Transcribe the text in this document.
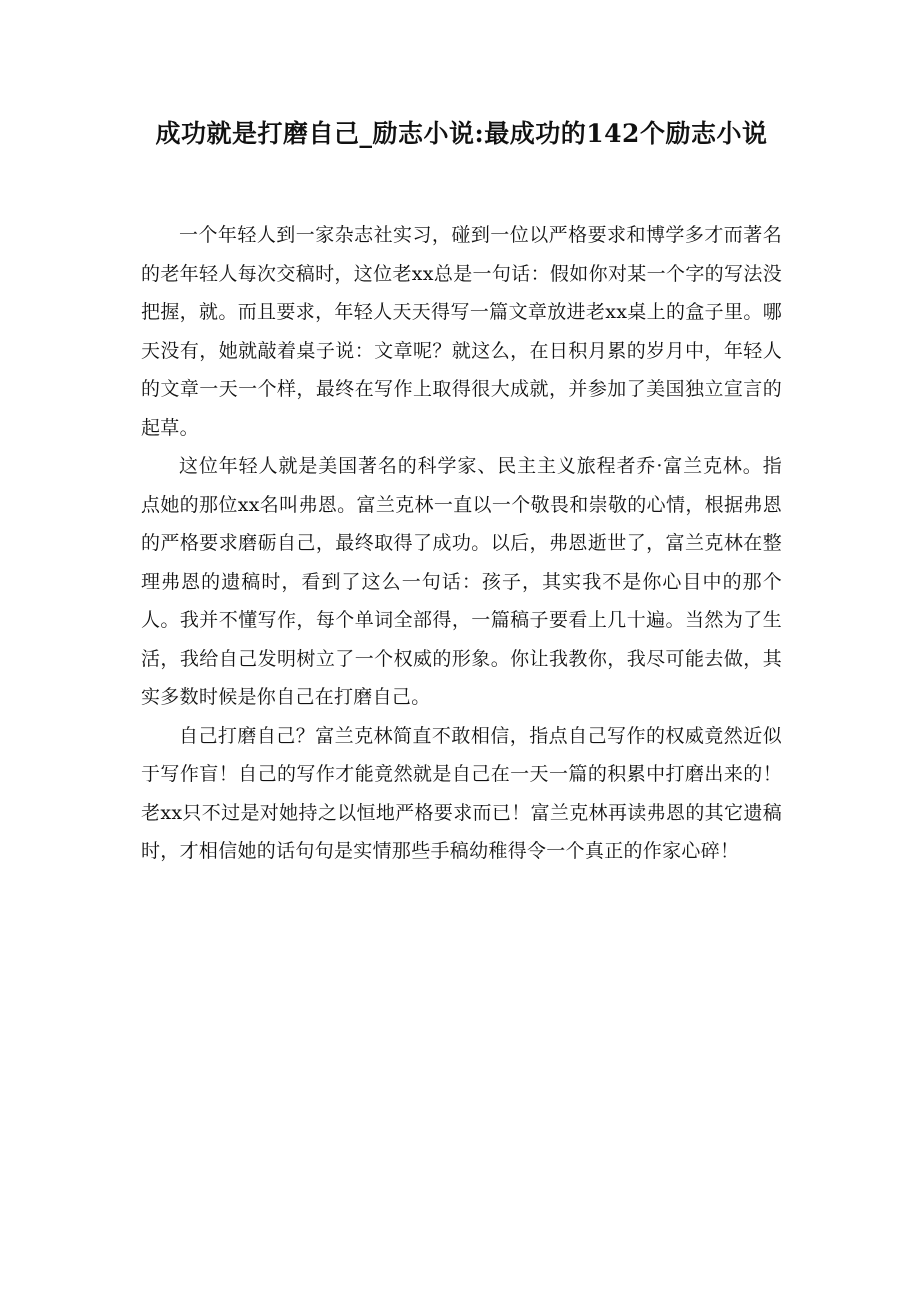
成功就是打磨自己_励志小说:最成功的142个励志小说

一个年轻人到一家杂志社实习，碰到一位以严格要求和博学多才而著名的老年轻人每次交稿时，这位老xx总是一句话：假如你对某一个字的写法没把握，就。而且要求，年轻人天天得写一篇文章放进老xx桌上的盒子里。哪天没有，她就敲着桌子说：文章呢？就这么，在日积月累的岁月中，年轻人的文章一天一个样，最终在写作上取得很大成就，并参加了美国独立宣言的起草。

这位年轻人就是美国著名的科学家、民主主义旅程者乔·富兰克林。指点她的那位xx名叫弗恩。富兰克林一直以一个敬畏和崇敬的心情，根据弗恩的严格要求磨砺自己，最终取得了成功。以后，弗恩逝世了，富兰克林在整理弗恩的遗稿时，看到了这么一句话：孩子，其实我不是你心目中的那个人。我并不懂写作，每个单词全部得，一篇稿子要看上几十遍。当然为了生活，我给自己发明树立了一个权威的形象。你让我教你，我尽可能去做，其实多数时候是你自己在打磨自己。

自己打磨自己？富兰克林简直不敢相信，指点自己写作的权威竟然近似于写作盲！自己的写作才能竟然就是自己在一天一篇的积累中打磨出来的！老xx只不过是对她持之以恒地严格要求而已！富兰克林再读弗恩的其它遗稿时，才相信她的话句句是实情那些手稿幼稚得令一个真正的作家心碎！
